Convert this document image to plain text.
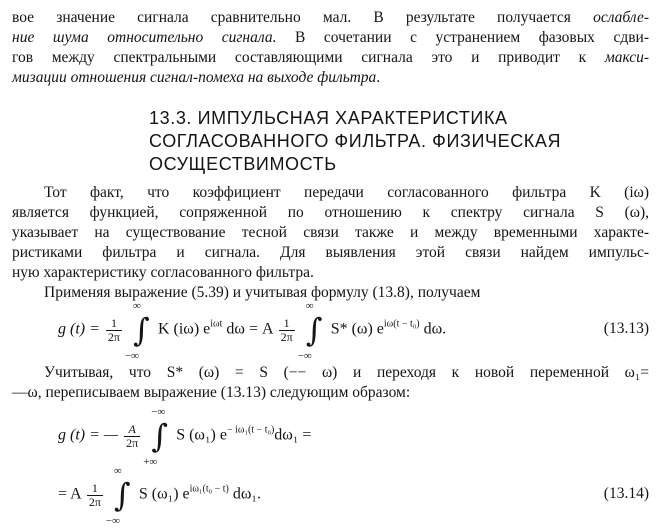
вое значение сигнала сравнительно мал. В результате получается ослабле-
ние шума относительно сигнала. В сочетании с устранением фазовых сдви-
гов между спектральными составляющими сигнала это и приводит к макси-
мизации отношения сигнал-помеха на выходе фильтра.
13.3. ИМПУЛЬСНАЯ ХАРАКТЕРИСТИКА
СОГЛАСОВАННОГО ФИЛЬТРА. ФИЗИЧЕСКАЯ
ОСУЩЕСТВИМОСТЬ
Тот факт, что коэффициент передачи согласованного фильтра K (iω)
является функцией, сопряженной по отношению к спектру сигнала S (ω),
указывает на существование тесной связи также и между временными характе-
ристиками фильтра и сигнала. Для выявления этой связи найдем импульс-
ную характеристику согласованного фильтра.
Применяя выражение (5.39) и учитывая формулу (13.8), получаем
g $(t) = \frac{1}{2\pi}$

∞
∫
−∞
K (iω) $e^{i\omega t}$ dω = A $\frac{1}{2\pi}$

∞
∫
−∞
S* (ω) $e^{i\omega(t - t_0)}$ dω.	(13.13)
Учитывая, что S* (ω) = S (−− ω) и переходя к новой переменной ω₁=
—ω, переписываем выражение (13.13) следующим образом:
g (t) = — $\frac{A}{2\pi}$

−∞
∫
+∞
S (ω₁) $e^{- i\omega_1(t - t_0)}d\omega_1$ =
= A $\frac{1}{2\pi}$

∞
∫
−∞
S (ω₁) $e^{i\omega_1(t_0 - t)}$ dω₁.	(13.14)
